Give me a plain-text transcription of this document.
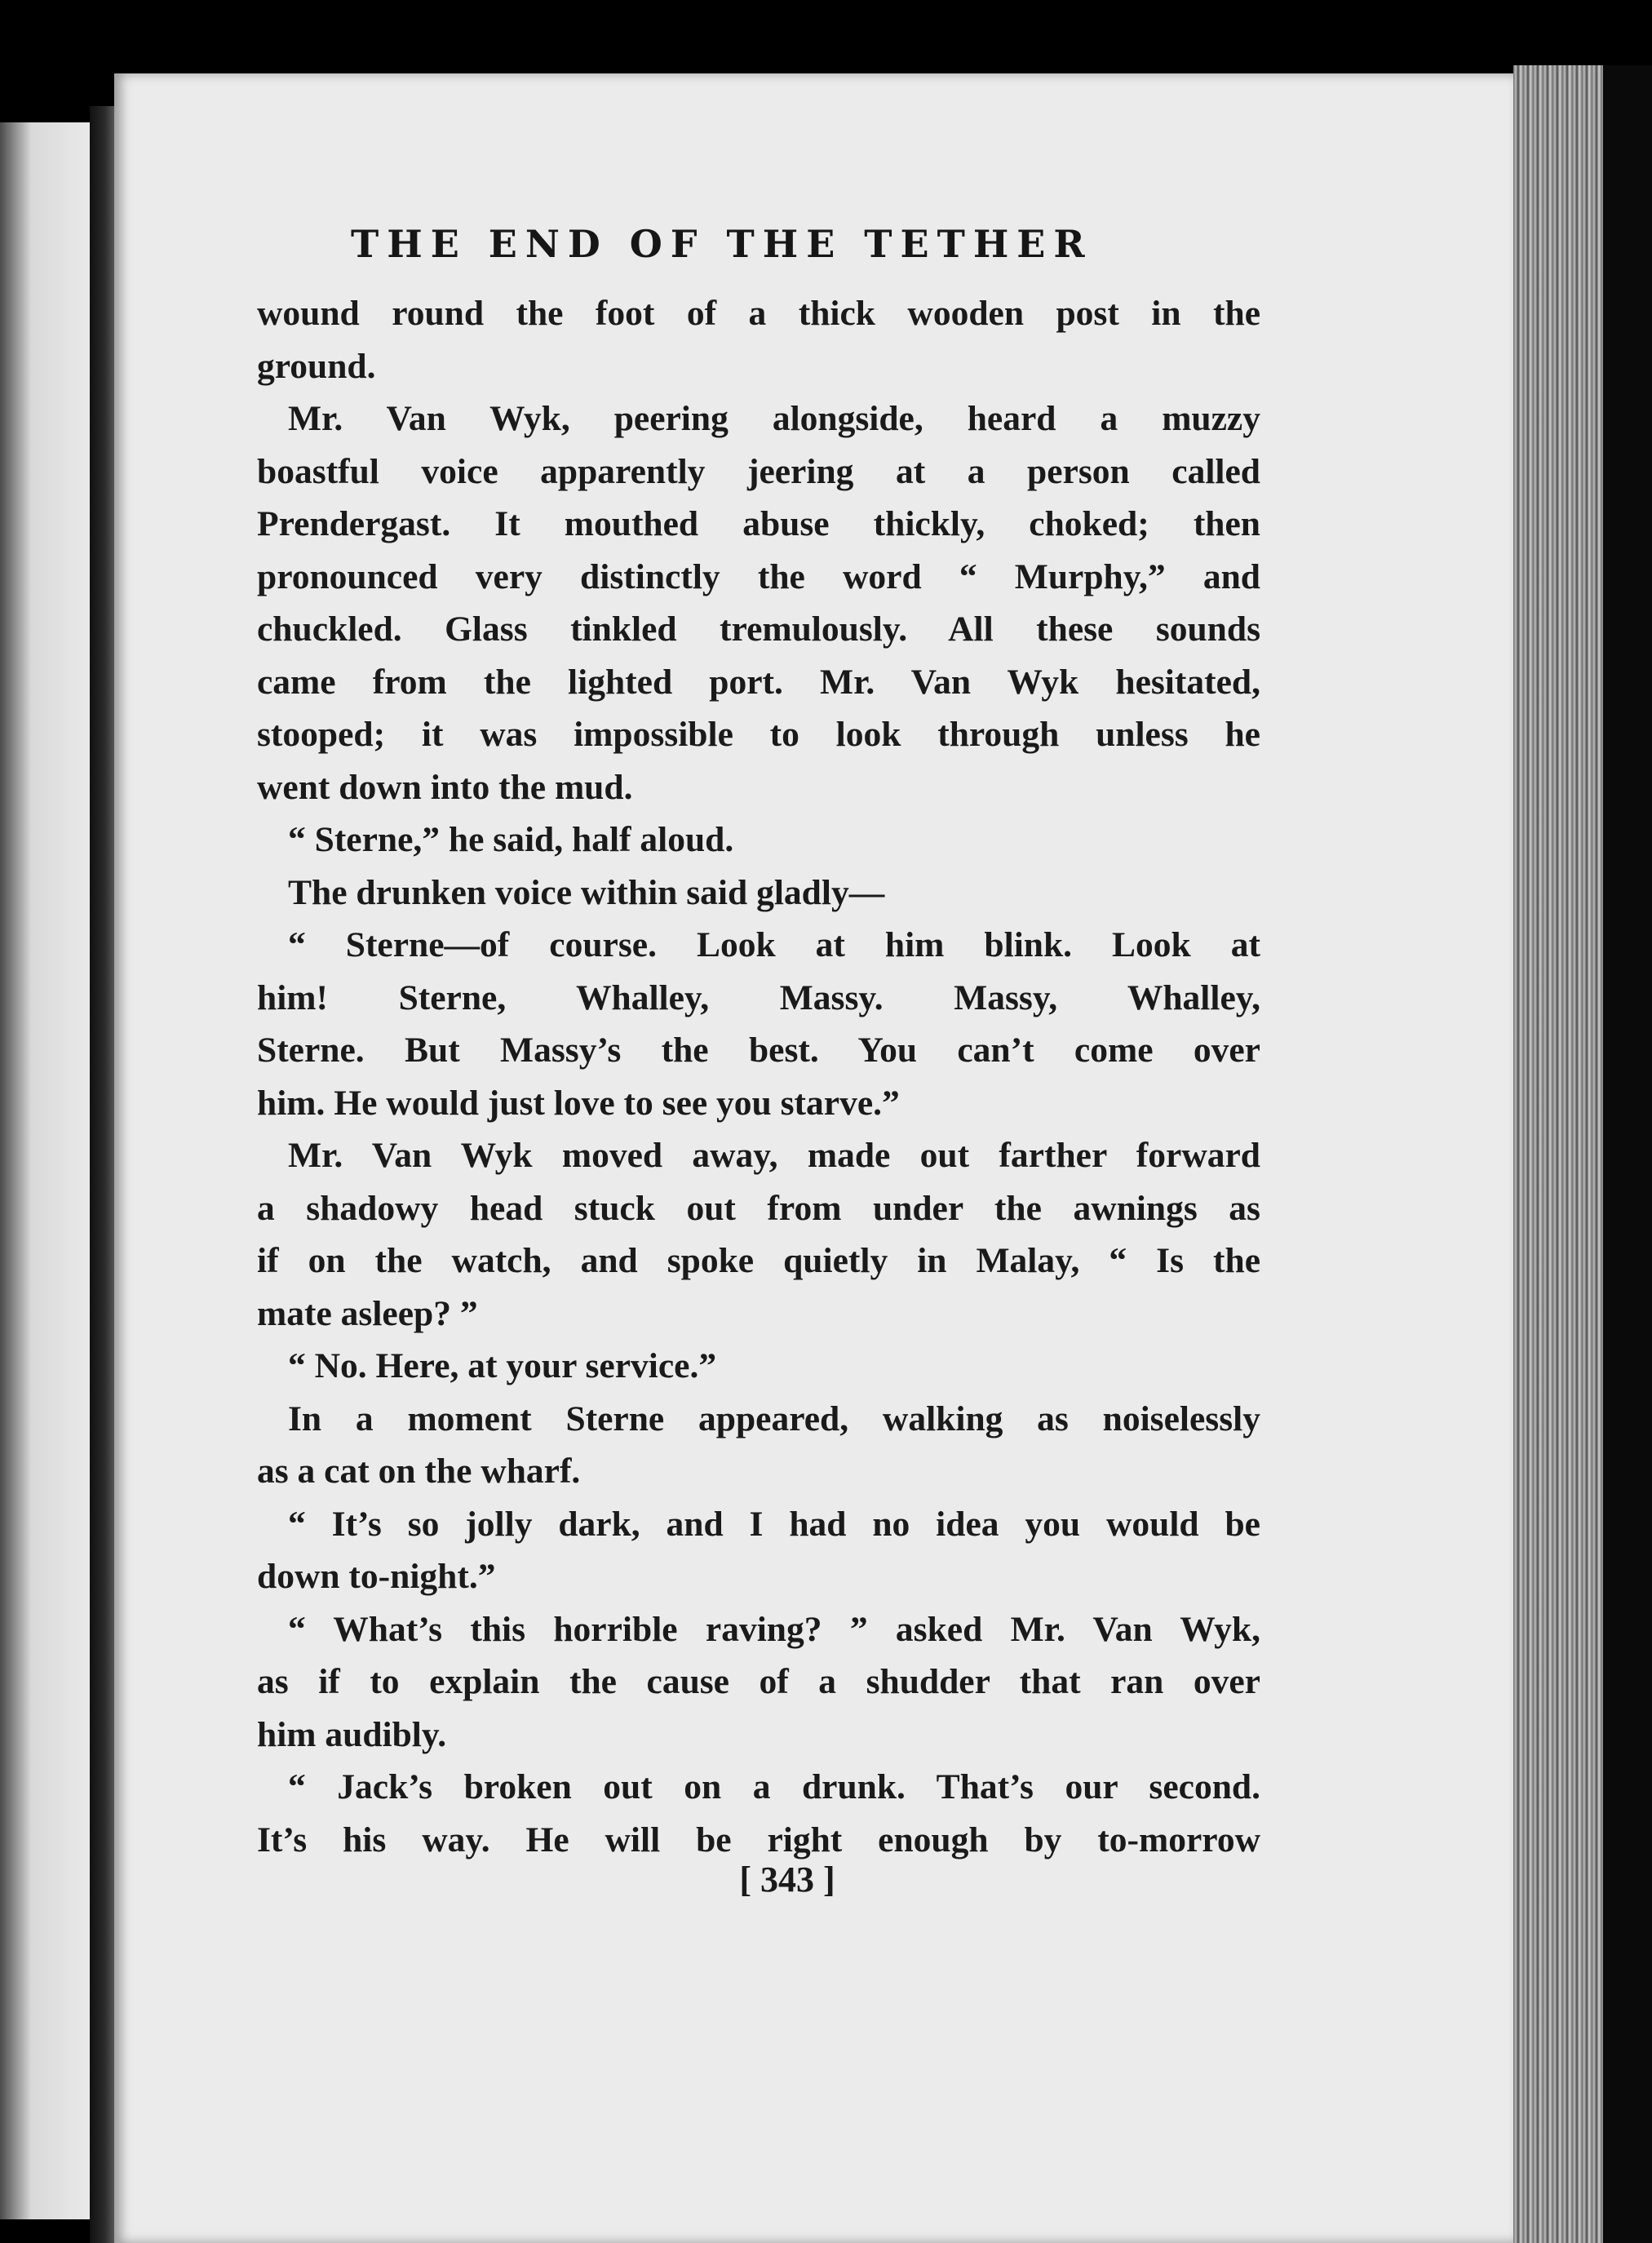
THE END OF THE TETHER
wound round the foot of a thick wooden post in the
ground.
Mr. Van Wyk, peering alongside, heard a muzzy
boastful voice apparently jeering at a person called
Prendergast. It mouthed abuse thickly, choked; then
pronounced very distinctly the word “ Murphy,” and
chuckled. Glass tinkled tremulously. All these sounds
came from the lighted port. Mr. Van Wyk hesitated,
stooped; it was impossible to look through unless he
went down into the mud.
“ Sterne,” he said, half aloud.
The drunken voice within said gladly—
“ Sterne—of course. Look at him blink. Look at
him! Sterne, Whalley, Massy. Massy, Whalley,
Sterne. But Massy’s the best. You can’t come over
him. He would just love to see you starve.”
Mr. Van Wyk moved away, made out farther forward
a shadowy head stuck out from under the awnings as
if on the watch, and spoke quietly in Malay, “ Is the
mate asleep? ”
“ No. Here, at your service.”
In a moment Sterne appeared, walking as noiselessly
as a cat on the wharf.
“ It’s so jolly dark, and I had no idea you would be
down to-night.”
“ What’s this horrible raving? ” asked Mr. Van Wyk,
as if to explain the cause of a shudder that ran over
him audibly.
“ Jack’s broken out on a drunk. That’s our second.
It’s his way. He will be right enough by to-morrow

[ 343 ]
